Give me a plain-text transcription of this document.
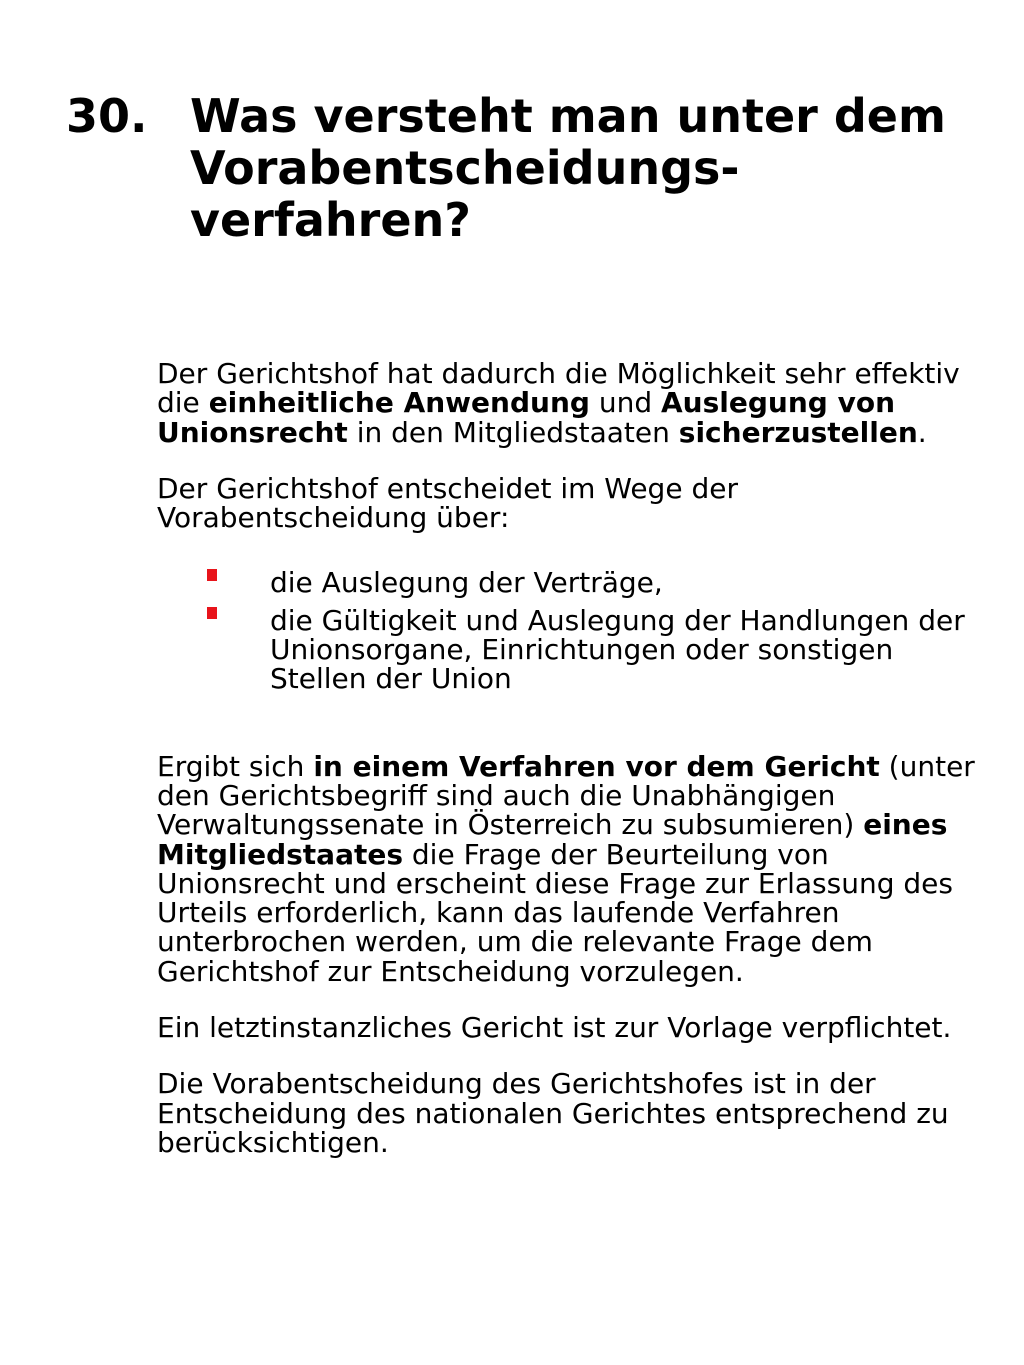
30. Was versteht man unter dem
Vorabentscheidungs-
verfahren?

Der Gerichtshof hat dadurch die Möglichkeit sehr effektiv die einheitliche Anwendung und Auslegung von Unionsrecht in den Mitgliedstaaten sicherzustellen.

Der Gerichtshof entscheidet im Wege der Vorabentscheidung über:

die Auslegung der Verträge,
die Gültigkeit und Auslegung der Handlungen der Unionsorgane, Einrichtungen oder sonstigen Stellen der Union

Ergibt sich in einem Verfahren vor dem Gericht (unter den Gerichtsbegriff sind auch die Unabhängigen Verwaltungssenate in Österreich zu subsumieren) eines Mitgliedstaates die Frage der Beurteilung von Unionsrecht und erscheint diese Frage zur Erlassung des Urteils erforderlich, kann das laufende Verfahren unterbrochen werden, um die relevante Frage dem Gerichtshof zur Entscheidung vorzulegen.

Ein letztinstanzliches Gericht ist zur Vorlage verpflichtet.

Die Vorabentscheidung des Gerichtshofes ist in der Entscheidung des nationalen Gerichtes entsprechend zu berücksichtigen.
